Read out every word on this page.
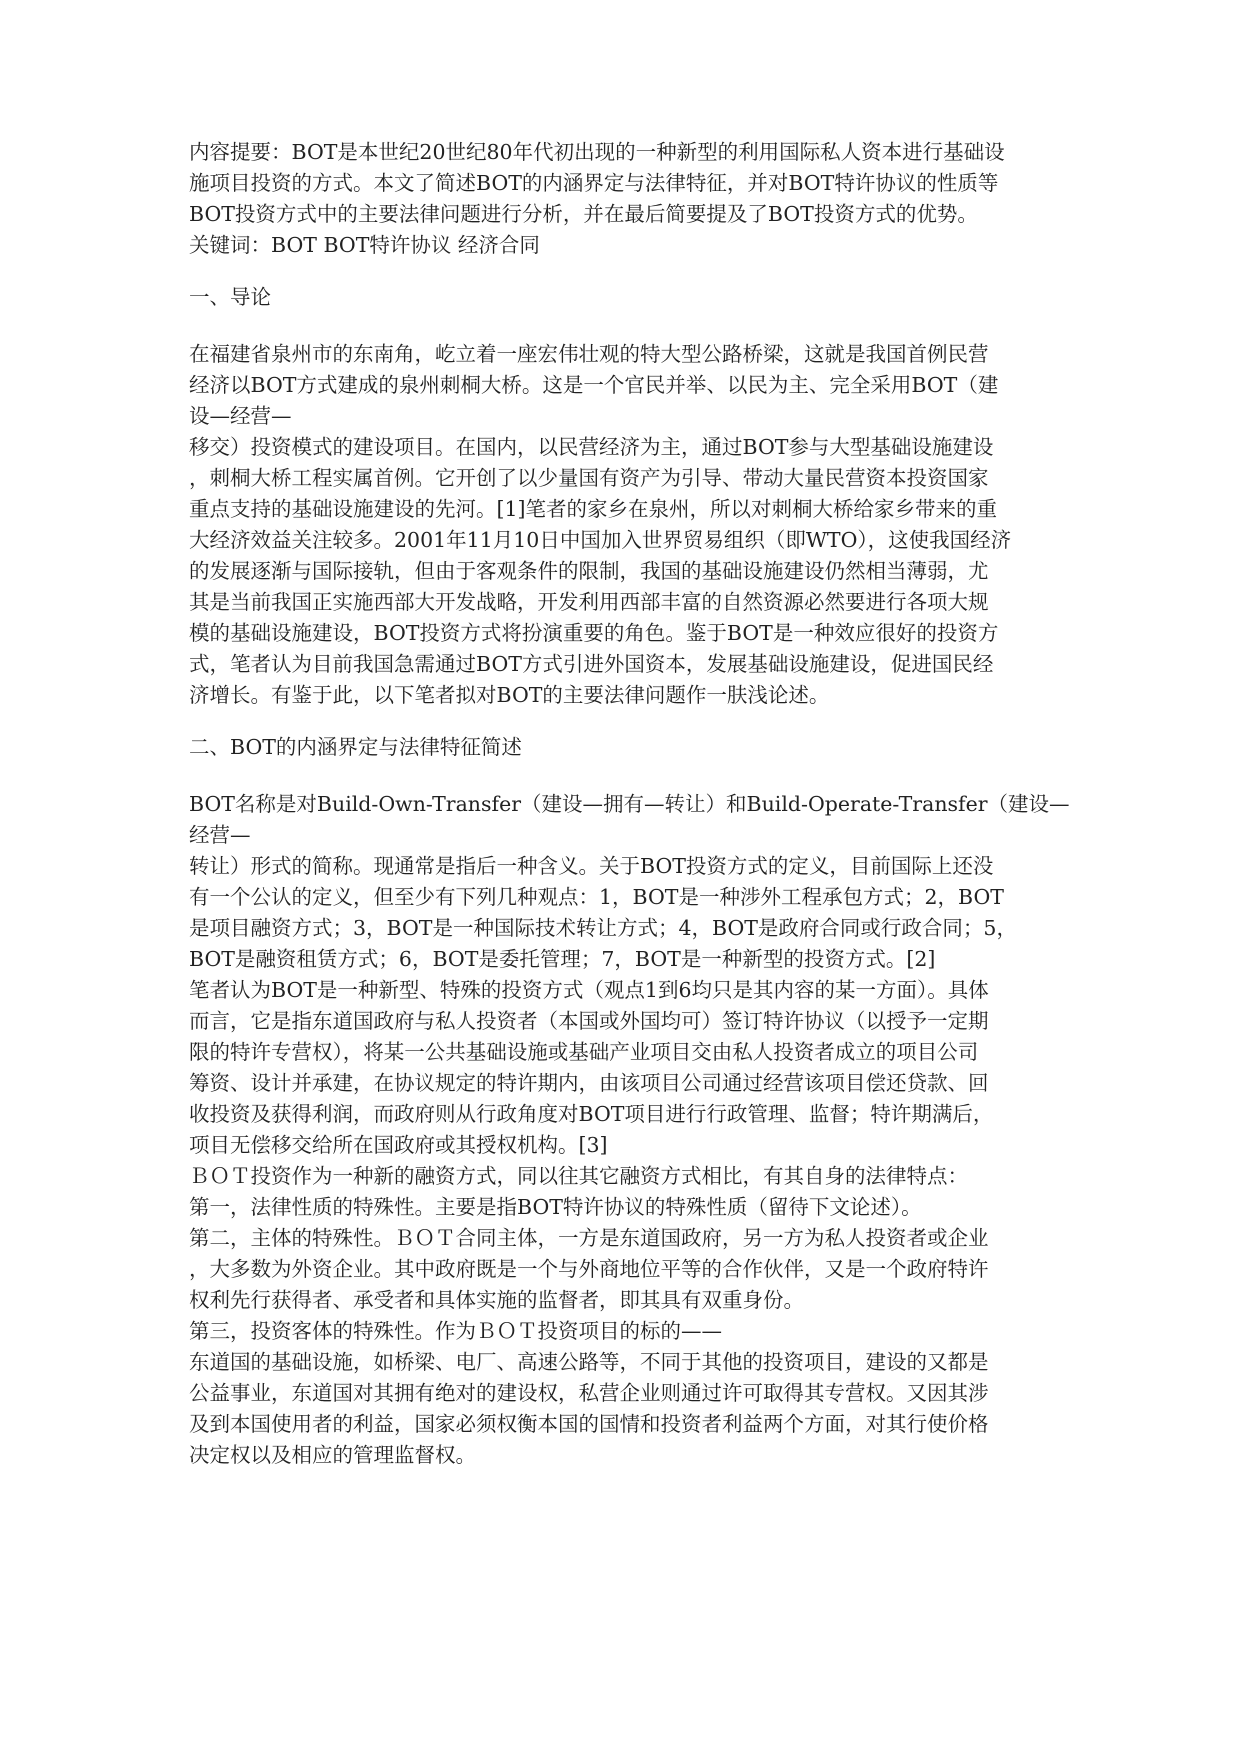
内容提要：BOT是本世纪20世纪80年代初出现的一种新型的利用国际私人资本进行基础设
施项目投资的方式。本文了简述BOT的内涵界定与法律特征，并对BOT特许协议的性质等
BOT投资方式中的主要法律问题进行分析，并在最后简要提及了BOT投资方式的优势。
关键词：BOT BOT特许协议 经济合同
一、导论
在福建省泉州市的东南角，屹立着一座宏伟壮观的特大型公路桥梁，这就是我国首例民营
经济以BOT方式建成的泉州刺桐大桥。这是一个官民并举、以民为主、完全采用BOT（建
设—经营—
移交）投资模式的建设项目。在国内，以民营经济为主，通过BOT参与大型基础设施建设
，刺桐大桥工程实属首例。它开创了以少量国有资产为引导、带动大量民营资本投资国家
重点支持的基础设施建设的先河。[1]笔者的家乡在泉州，所以对刺桐大桥给家乡带来的重
大经济效益关注较多。2001年11月10日中国加入世界贸易组织（即WTO），这使我国经济
的发展逐渐与国际接轨，但由于客观条件的限制，我国的基础设施建设仍然相当薄弱，尤
其是当前我国正实施西部大开发战略，开发利用西部丰富的自然资源必然要进行各项大规
模的基础设施建设，BOT投资方式将扮演重要的角色。鉴于BOT是一种效应很好的投资方
式，笔者认为目前我国急需通过BOT方式引进外国资本，发展基础设施建设，促进国民经
济增长。有鉴于此，以下笔者拟对BOT的主要法律问题作一肤浅论述。
二、BOT的内涵界定与法律特征简述
BOT名称是对Build-Own-Transfer（建设—拥有—转让）和Build-Operate-Transfer（建设—
经营—
转让）形式的简称。现通常是指后一种含义。关于BOT投资方式的定义，目前国际上还没
有一个公认的定义，但至少有下列几种观点：1，BOT是一种涉外工程承包方式；2，BOT
是项目融资方式；3，BOT是一种国际技术转让方式；4，BOT是政府合同或行政合同；5，
BOT是融资租赁方式；6，BOT是委托管理；7，BOT是一种新型的投资方式。[2]
笔者认为BOT是一种新型、特殊的投资方式（观点1到6均只是其内容的某一方面）。具体
而言，它是指东道国政府与私人投资者（本国或外国均可）签订特许协议（以授予一定期
限的特许专营权），将某一公共基础设施或基础产业项目交由私人投资者成立的项目公司
筹资、设计并承建，在协议规定的特许期内，由该项目公司通过经营该项目偿还贷款、回
收投资及获得利润，而政府则从行政角度对BOT项目进行行政管理、监督；特许期满后，
项目无偿移交给所在国政府或其授权机构。[3]
ＢＯＴ投资作为一种新的融资方式，同以往其它融资方式相比，有其自身的法律特点：
第一，法律性质的特殊性。主要是指BOT特许协议的特殊性质（留待下文论述）。
第二，主体的特殊性。ＢＯＴ合同主体，一方是东道国政府，另一方为私人投资者或企业
，大多数为外资企业。其中政府既是一个与外商地位平等的合作伙伴，又是一个政府特许
权利先行获得者、承受者和具体实施的监督者，即其具有双重身份。
第三，投资客体的特殊性。作为ＢＯＴ投资项目的标的——
东道国的基础设施，如桥梁、电厂、高速公路等，不同于其他的投资项目，建设的又都是
公益事业，东道国对其拥有绝对的建设权，私营企业则通过许可取得其专营权。又因其涉
及到本国使用者的利益，国家必须权衡本国的国情和投资者利益两个方面，对其行使价格
决定权以及相应的管理监督权。
